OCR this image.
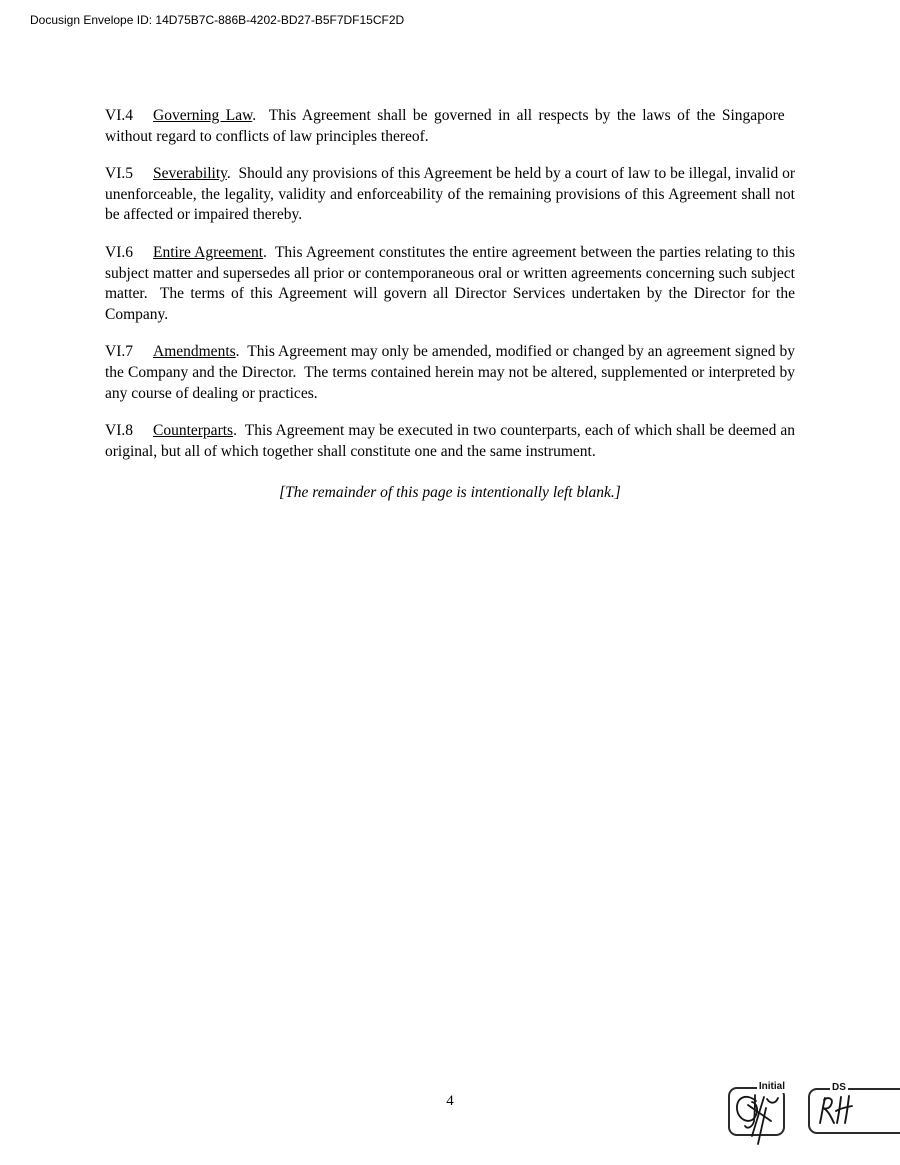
Docusign Envelope ID: 14D75B7C-886B-4202-BD27-B5F7DF15CF2D

VI.4 Governing Law.  This Agreement shall be governed in all respects by the laws of the Singapore   without regard to conflicts of law principles thereof.

VI.5 Severability.  Should any provisions of this Agreement be held by a court of law to be illegal, invalid or unenforceable, the legality, validity and enforceability of the remaining provisions of this Agreement shall not be affected or impaired thereby.

VI.6 Entire Agreement.  This Agreement constitutes the entire agreement between the parties relating to this subject matter and supersedes all prior or contemporaneous oral or written agreements concerning such subject matter.  The terms of this Agreement will govern all Director Services undertaken by the Director for the Company.

VI.7 Amendments.  This Agreement may only be amended, modified or changed by an agreement signed by the Company and the Director.  The terms contained herein may not be altered, supplemented or interpreted by any course of dealing or practices.

VI.8 Counterparts.  This Agreement may be executed in two counterparts, each of which shall be deemed an original, but all of which together shall constitute one and the same instrument.

[The remainder of this page is intentionally left blank.]

4
Initial	DS
